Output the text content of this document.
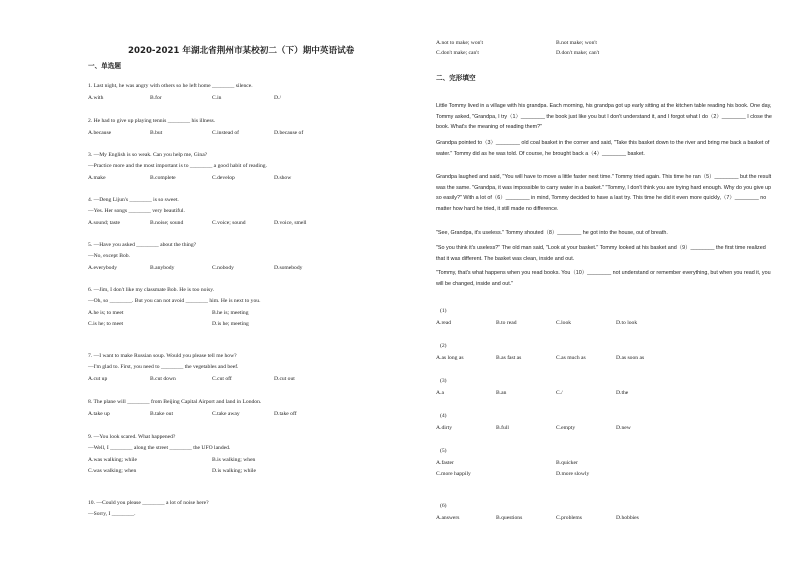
2020-2021 年湖北省荆州市某校初二（下）期中英语试卷
一、单选题
1. Last night, he was angry with others so he left home ________ silence.
A.with	B.for	C.in	D./
2. He had to give up playing tennis ________ his illness.
A.because	B.but	C.instead of	D.because of
3. —My English is so weak. Can you help me, Gina?
—Practice more and the most important is to ________ a good habit of reading.
A.make	B.complete	C.develop	D.show
4. —Deng Lijun's ________ is so sweet.
—Yes. Her songs ________ very beautiful.
A.sound; taste	B.noise; sound	C.voice; sound	D.voice, smell
5. —Have you asked ________ about the thing?
—No, except Bob.
A.everybody	B.anybody	C.nobody	D.somebody
6. —Jim, I don't like my classmate Bob. He is too noisy.
—Oh, so ________. But you can not avoid ________ him. He is next to you.
A.he is; to meet	B.he is; meeting
C.is he; to meet	D.is he; meeting
7. —I want to make Russian soup. Would you please tell me how?
—I'm glad to. First, you need to ________ the vegetables and beef.
A.cut up	B.cut down	C.cut off	D.cut out
8. The plane will ________ from Beijing Capital Airport and land in London.
A.take up	B.take out	C.take away	D.take off
9. —You look scared. What happened?
—Well, I ________ along the street ________ the UFO landed.
A.was walking; while	B.is walking; when
C.was walking; when	D.is walking; while
10. —Could you please ________ a lot of noise here?
—Sorry, I ________.
A.not to make; won't	B.not make; won't
C.don't make; can't	D.don't make; can't
二、完形填空
Little Tommy lived in a village with his grandpa. Each morning, his grandpa got up early sitting at the kitchen table reading his book. One day, Tommy asked, "Grandpa, I try（1）________ the book just like you but I don't understand it, and I forgot what I do（2）________ I close the book. What's the meaning of reading them?"
Grandpa pointed to（3）________ old coal basket in the corner and said, "Take this basket down to the river and bring me back a basket of water." Tommy did as he was told. Of course, he brought back a（4）________ basket.
Grandpa laughed and said, "You will have to move a little faster next time." Tommy tried again. This time he ran（5）________ but the result was the same. "Grandpa, it was impossible to carry water in a basket." "Tommy, I don't think you are trying hard enough. Why do you give up so easily?" With a lot of（6）________ in mind, Tommy decided to have a last try. This time he did it even more quickly,（7）________ no matter how hard he tried, it still made no difference.
"See, Grandpa, it's useless." Tommy shouted（8）________ he got into the house, out of breath.
"So you think it's useless?" The old man said, "Look at your basket." Tommy looked at his basket and（9）________ the first time realized that it was different. The basket was clean, inside and out.
"Tommy, that's what happens when you read books. You（10）________ not understand or remember everything, but when you read it, you will be changed, inside and out."
(1)
A.read	B.to read	C.look	D.to look
(2)
A.as long as	B.as fast as	C.as much as	D.as soon as
(3)
A.a	B.an	C./	D.the
(4)
A.dirty	B.full	C.empty	D.new
(5)
A.faster	B.quicker
C.more happily	D.more slowly
(6)
A.answers	B.questions	C.problems	D.hobbies
